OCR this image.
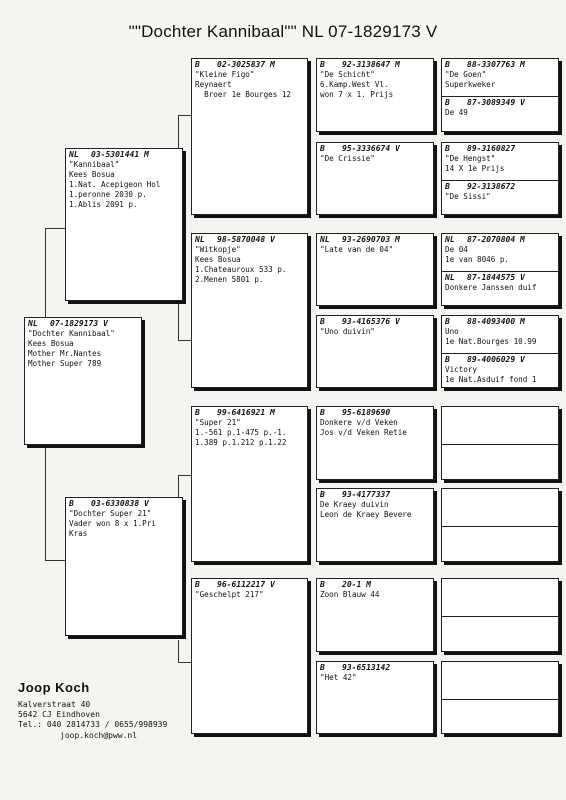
""Dochter Kannibaal"" NL 07-1829173 V
NL	07-1829173 V
"Dochter Kannibaal"
Kees Bosua
Mother Mr.Nantes
Mother Super 789
NL	03-5301441 M
"Kannibaal"
Kees Bosua
1.Nat. Acepigeon Hol
1.peronne 2030 p.
1.Ablis 2091 p.
B	03-6330838 V
"Dochter Super 21"
Vader won 8 x 1.Pri
Kras
B	02-3025837 M
"Kleine Figo"
Reynaert
Broer 1e Bourges 12
NL	98-5870048 V
"Witkopje"
Kees Bosua
1.Chateauroux 533 p.
2.Menen 5801 p.
B	99-6416921 M
"Super 21"
1.-561 p.1-475 p.-1.
1.389 p.1.212 p.1.22
B	96-6112217 V
"Geschelpt 217"
B	92-3138647 M
"De Schicht"
6.Kamp.West Vl.
won 7 x 1. Prijs
B	95-3336674 V
"De Crissie"
NL	93-2690703 M
"Late van de 04"
B	93-4165376 V
"Uno duivin"
B	95-6189690
Donkere v/d Veken
Jos v/d Veken Retie
B	93-4177337
De Kraey duivin
Leon de Kraey Bevere
B	20-1 M
Zoon Blauw 44
B	93-6513142
"Het 42"
B	88-3307763 M
"De Goen"
Superkweker
B	87-3089349 V
De 49
B	89-3160827
"De Hengst"
14 X 1e Prijs
B	92-3138672
"De Sissi"
NL	87-2070804 M
De 04
1e van 8046 p.
NL	87-1844575 V
Donkere Janssen duif
B	88-4093400 M
Uno
1e Nat.Bourges 10.99
B	89-4006029 V
Victory
1e Nat.Asduif fond 1
Joop Koch
Kalverstraat 40
5642 CJ Eindhoven
Tel.: 040 2814733 / 0655/998939
joop.koch@pww.nl
